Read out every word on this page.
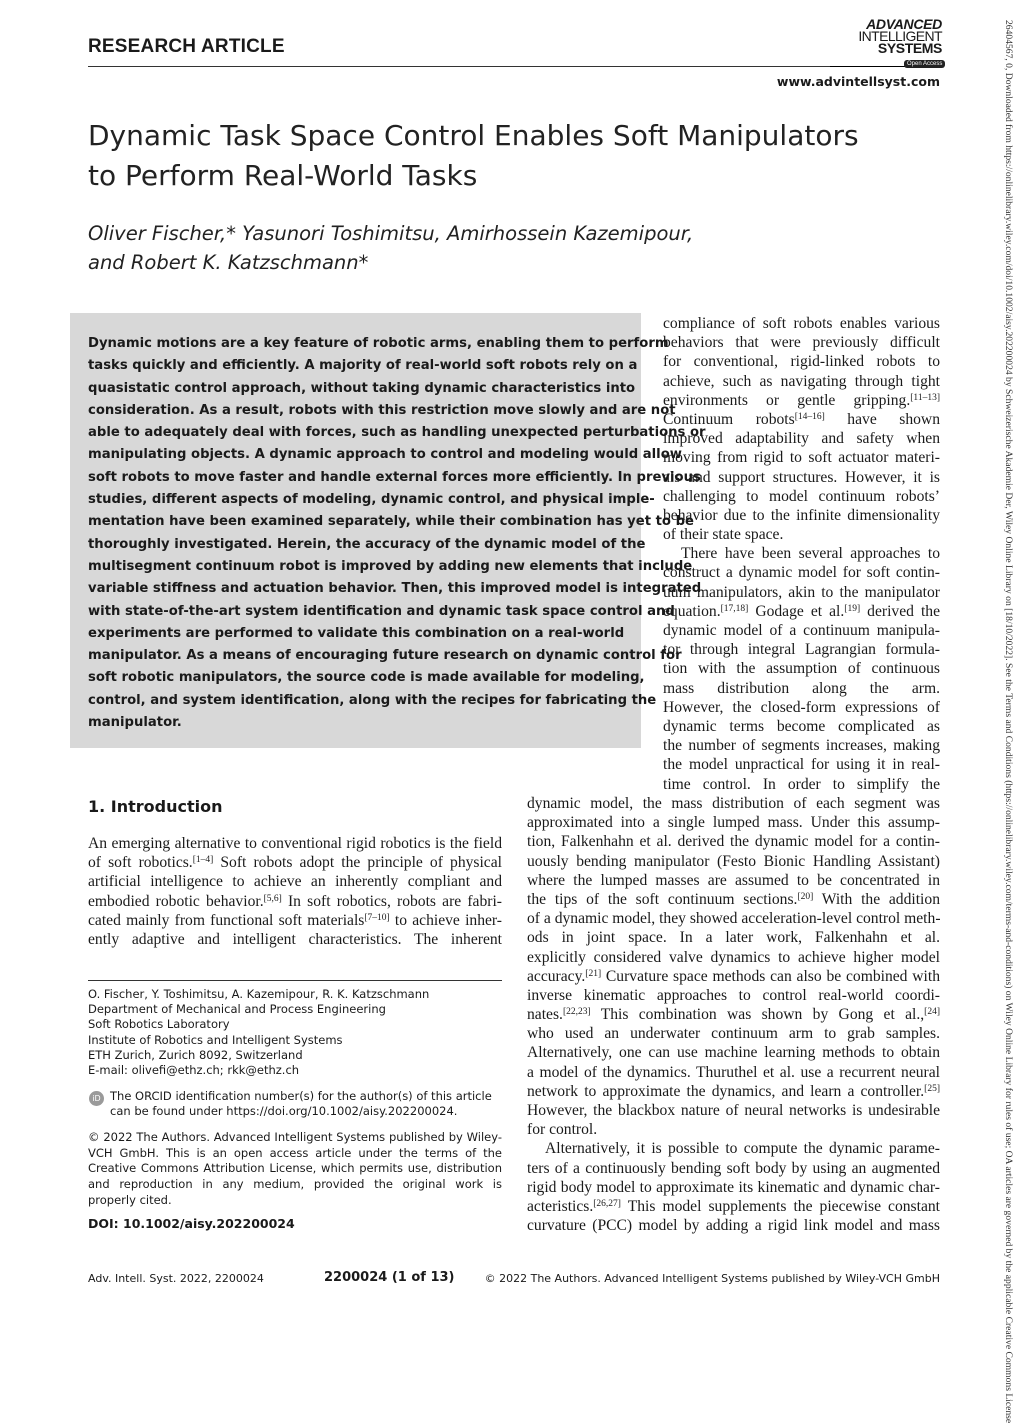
RESEARCH ARTICLE
ADVANCED
INTELLIGENT
SYSTEMS
Open Access
www.advintellsyst.com
Dynamic Task Space Control Enables Soft Manipulators
to Perform Real-World Tasks
Oliver Fischer,* Yasunori Toshimitsu, Amirhossein Kazemipour,
and Robert K. Katzschmann*
Dynamic motions are a key feature of robotic arms, enabling them to perform
tasks quickly and efficiently. A majority of real-world soft robots rely on a
quasistatic control approach, without taking dynamic characteristics into
consideration. As a result, robots with this restriction move slowly and are not
able to adequately deal with forces, such as handling unexpected perturbations or
manipulating objects. A dynamic approach to control and modeling would allow
soft robots to move faster and handle external forces more efficiently. In previous
studies, different aspects of modeling, dynamic control, and physical imple-
mentation have been examined separately, while their combination has yet to be
thoroughly investigated. Herein, the accuracy of the dynamic model of the
multisegment continuum robot is improved by adding new elements that include
variable stiffness and actuation behavior. Then, this improved model is integrated
with state-of-the-art system identification and dynamic task space control and
experiments are performed to validate this combination on a real-world
manipulator. As a means of encouraging future research on dynamic control for
soft robotic manipulators, the source code is made available for modeling,
control, and system identification, along with the recipes for fabricating the
manipulator.
compliance of soft robots enables various
behaviors that were previously difficult
for conventional, rigid-linked robots to
achieve, such as navigating through tight
environments or gentle gripping.[11–13]
Continuum robots[14–16] have shown
improved adaptability and safety when
moving from rigid to soft actuator materi-
als and support structures. However, it is
challenging to model continuum robots’
behavior due to the infinite dimensionality
of their state space.
There have been several approaches to
construct a dynamic model for soft contin-
uum manipulators, akin to the manipulator
equation.[17,18] Godage et al.[19] derived the
dynamic model of a continuum manipula-
tor through integral Lagrangian formula-
tion with the assumption of continuous
mass distribution along the arm.
However, the closed-form expressions of
dynamic terms become complicated as
the number of segments increases, making
the model unpractical for using it in real-
time control. In order to simplify the
1. Introduction
An emerging alternative to conventional rigid robotics is the field
of soft robotics.[1–4] Soft robots adopt the principle of physical
artificial intelligence to achieve an inherently compliant and
embodied robotic behavior.[5,6] In soft robotics, robots are fabri-
cated mainly from functional soft materials[7–10] to achieve inher-
ently adaptive and intelligent characteristics. The inherent
dynamic model, the mass distribution of each segment was
approximated into a single lumped mass. Under this assump-
tion, Falkenhahn et al. derived the dynamic model for a contin-
uously bending manipulator (Festo Bionic Handling Assistant)
where the lumped masses are assumed to be concentrated in
the tips of the soft continuum sections.[20] With the addition
of a dynamic model, they showed acceleration-level control meth-
ods in joint space. In a later work, Falkenhahn et al.
explicitly considered valve dynamics to achieve higher model
accuracy.[21] Curvature space methods can also be combined with
inverse kinematic approaches to control real-world coordi-
nates.[22,23] This combination was shown by Gong et al.,[24]
who used an underwater continuum arm to grab samples.
Alternatively, one can use machine learning methods to obtain
a model of the dynamics. Thuruthel et al. use a recurrent neural
network to approximate the dynamics, and learn a controller.[25]
However, the blackbox nature of neural networks is undesirable
for control.
Alternatively, it is possible to compute the dynamic parame-
ters of a continuously bending soft body by using an augmented
rigid body model to approximate its kinematic and dynamic char-
acteristics.[26,27] This model supplements the piecewise constant
curvature (PCC) model by adding a rigid link model and mass
O. Fischer, Y. Toshimitsu, A. Kazemipour, R. K. Katzschmann
Department of Mechanical and Process Engineering
Soft Robotics Laboratory
Institute of Robotics and Intelligent Systems
ETH Zurich, Zurich 8092, Switzerland
E-mail: olivefi@ethz.ch; rkk@ethz.ch
iD The ORCID identification number(s) for the author(s) of this article
can be found under https://doi.org/10.1002/aisy.202200024.
© 2022 The Authors. Advanced Intelligent Systems published by Wiley-
VCH GmbH. This is an open access article under the terms of the
Creative Commons Attribution License, which permits use, distribution
and reproduction in any medium, provided the original work is
properly cited.
DOI: 10.1002/aisy.202200024
Adv. Intell. Syst. 2022, 2200024	2200024 (1 of 13)	© 2022 The Authors. Advanced Intelligent Systems published by Wiley-VCH GmbH	26404567, 0, Downloaded from https://onlinelibrary.wiley.com/doi/10.1002/aisy.202200024 by Schweizerische Akademie Der, Wiley Online Library on [18/10/2022]. See the Terms and Conditions (https://onlinelibrary.wiley.com/terms-and-conditions) on Wiley Online Library for rules of use; OA articles are governed by the applicable Creative Commons License
